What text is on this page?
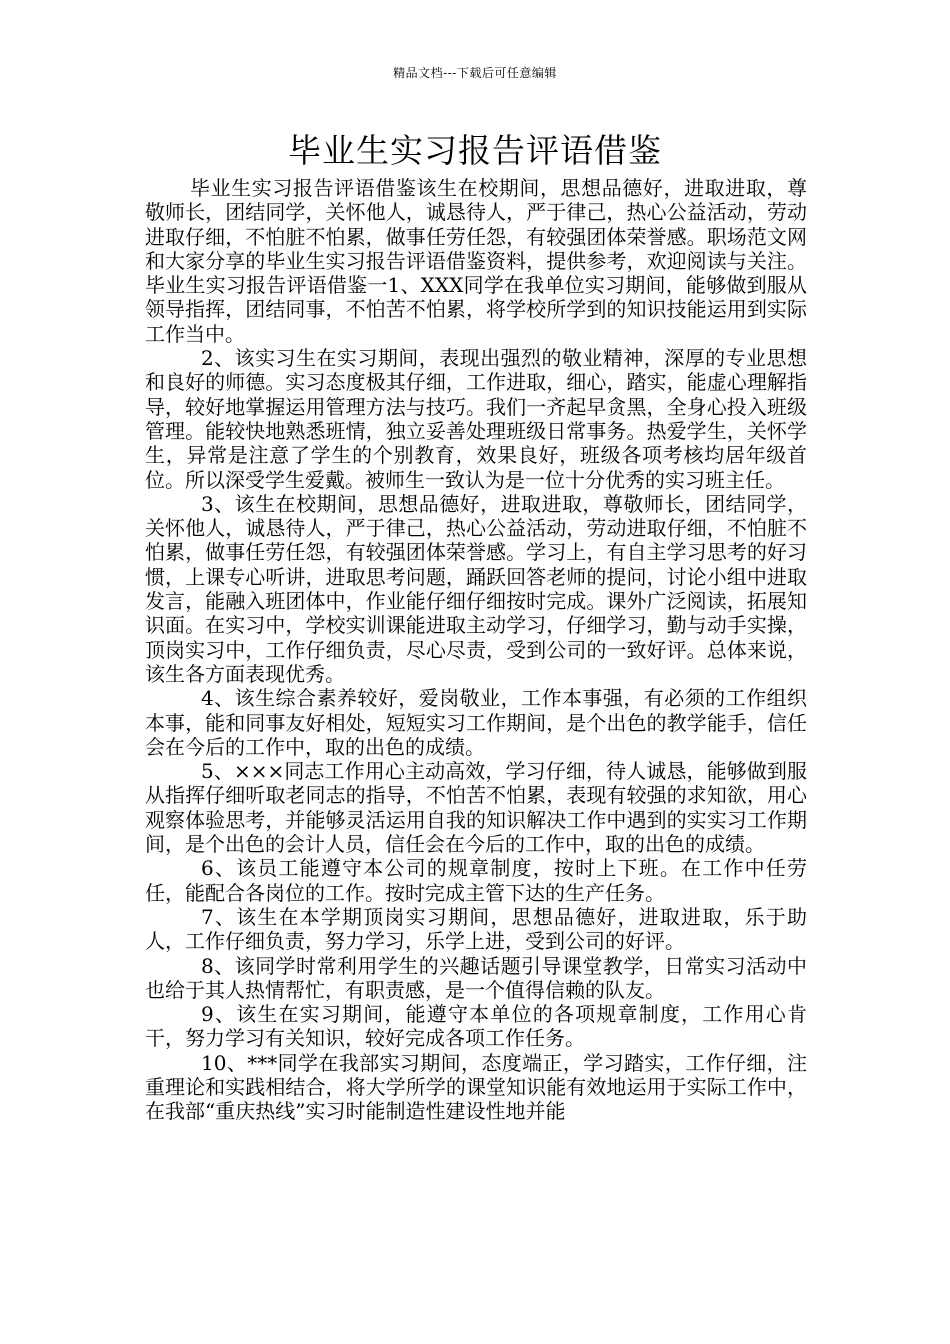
精品文档---下载后可任意编辑
毕业生实习报告评语借鉴

毕业生实习报告评语借鉴该生在校期间，思想品德好，进取进取，尊敬师长，团结同学，关怀他人，诚恳待人，严于律己，热心公益活动，劳动进取仔细，不怕脏不怕累，做事任劳任怨，有较强团体荣誉感。职场范文网和大家分享的毕业生实习报告评语借鉴资料，提供参考，欢迎阅读与关注。毕业生实习报告评语借鉴一1、XXX同学在我单位实习期间，能够做到服从领导指挥，团结同事，不怕苦不怕累，将学校所学到的知识技能运用到实际工作当中。

2、该实习生在实习期间，表现出强烈的敬业精神，深厚的专业思想和良好的师德。实习态度极其仔细，工作进取，细心，踏实，能虚心理解指导，较好地掌握运用管理方法与技巧。我们一齐起早贪黑，全身心投入班级管理。能较快地熟悉班情，独立妥善处理班级日常事务。热爱学生，关怀学生，异常是注意了学生的个别教育，效果良好，班级各项考核均居年级首位。所以深受学生爱戴。被师生一致认为是一位十分优秀的实习班主任。

3、该生在校期间，思想品德好，进取进取，尊敬师长，团结同学，关怀他人，诚恳待人，严于律己，热心公益活动，劳动进取仔细，不怕脏不怕累，做事任劳任怨，有较强团体荣誉感。学习上，有自主学习思考的好习惯，上课专心听讲，进取思考问题，踊跃回答老师的提问，讨论小组中进取发言，能融入班团体中，作业能仔细仔细按时完成。课外广泛阅读，拓展知识面。在实习中，学校实训课能进取主动学习，仔细学习，勤与动手实操，顶岗实习中，工作仔细负责，尽心尽责，受到公司的一致好评。总体来说，该生各方面表现优秀。

4、该生综合素养较好，爱岗敬业，工作本事强，有必须的工作组织本事，能和同事友好相处，短短实习工作期间，是个出色的教学能手，信任会在今后的工作中，取的出色的成绩。

5、×××同志工作用心主动高效，学习仔细，待人诚恳，能够做到服从指挥仔细听取老同志的指导，不怕苦不怕累，表现有较强的求知欲，用心观察体验思考，并能够灵活运用自我的知识解决工作中遇到的实实习工作期间，是个出色的会计人员，信任会在今后的工作中，取的出色的成绩。

6、该员工能遵守本公司的规章制度，按时上下班。在工作中任劳任，能配合各岗位的工作。按时完成主管下达的生产任务。

7、该生在本学期顶岗实习期间，思想品德好，进取进取，乐于助人，工作仔细负责，努力学习，乐学上进，受到公司的好评。

8、该同学时常利用学生的兴趣话题引导课堂教学，日常实习活动中也给于其人热情帮忙，有职责感，是一个值得信赖的队友。

9、该生在实习期间，能遵守本单位的各项规章制度，工作用心肯干，努力学习有关知识，较好完成各项工作任务。

10、***同学在我部实习期间，态度端正，学习踏实，工作仔细，注重理论和实践相结合，将大学所学的课堂知识能有效地运用于实际工作中，在我部“重庆热线”实习时能制造性建设性地并能
